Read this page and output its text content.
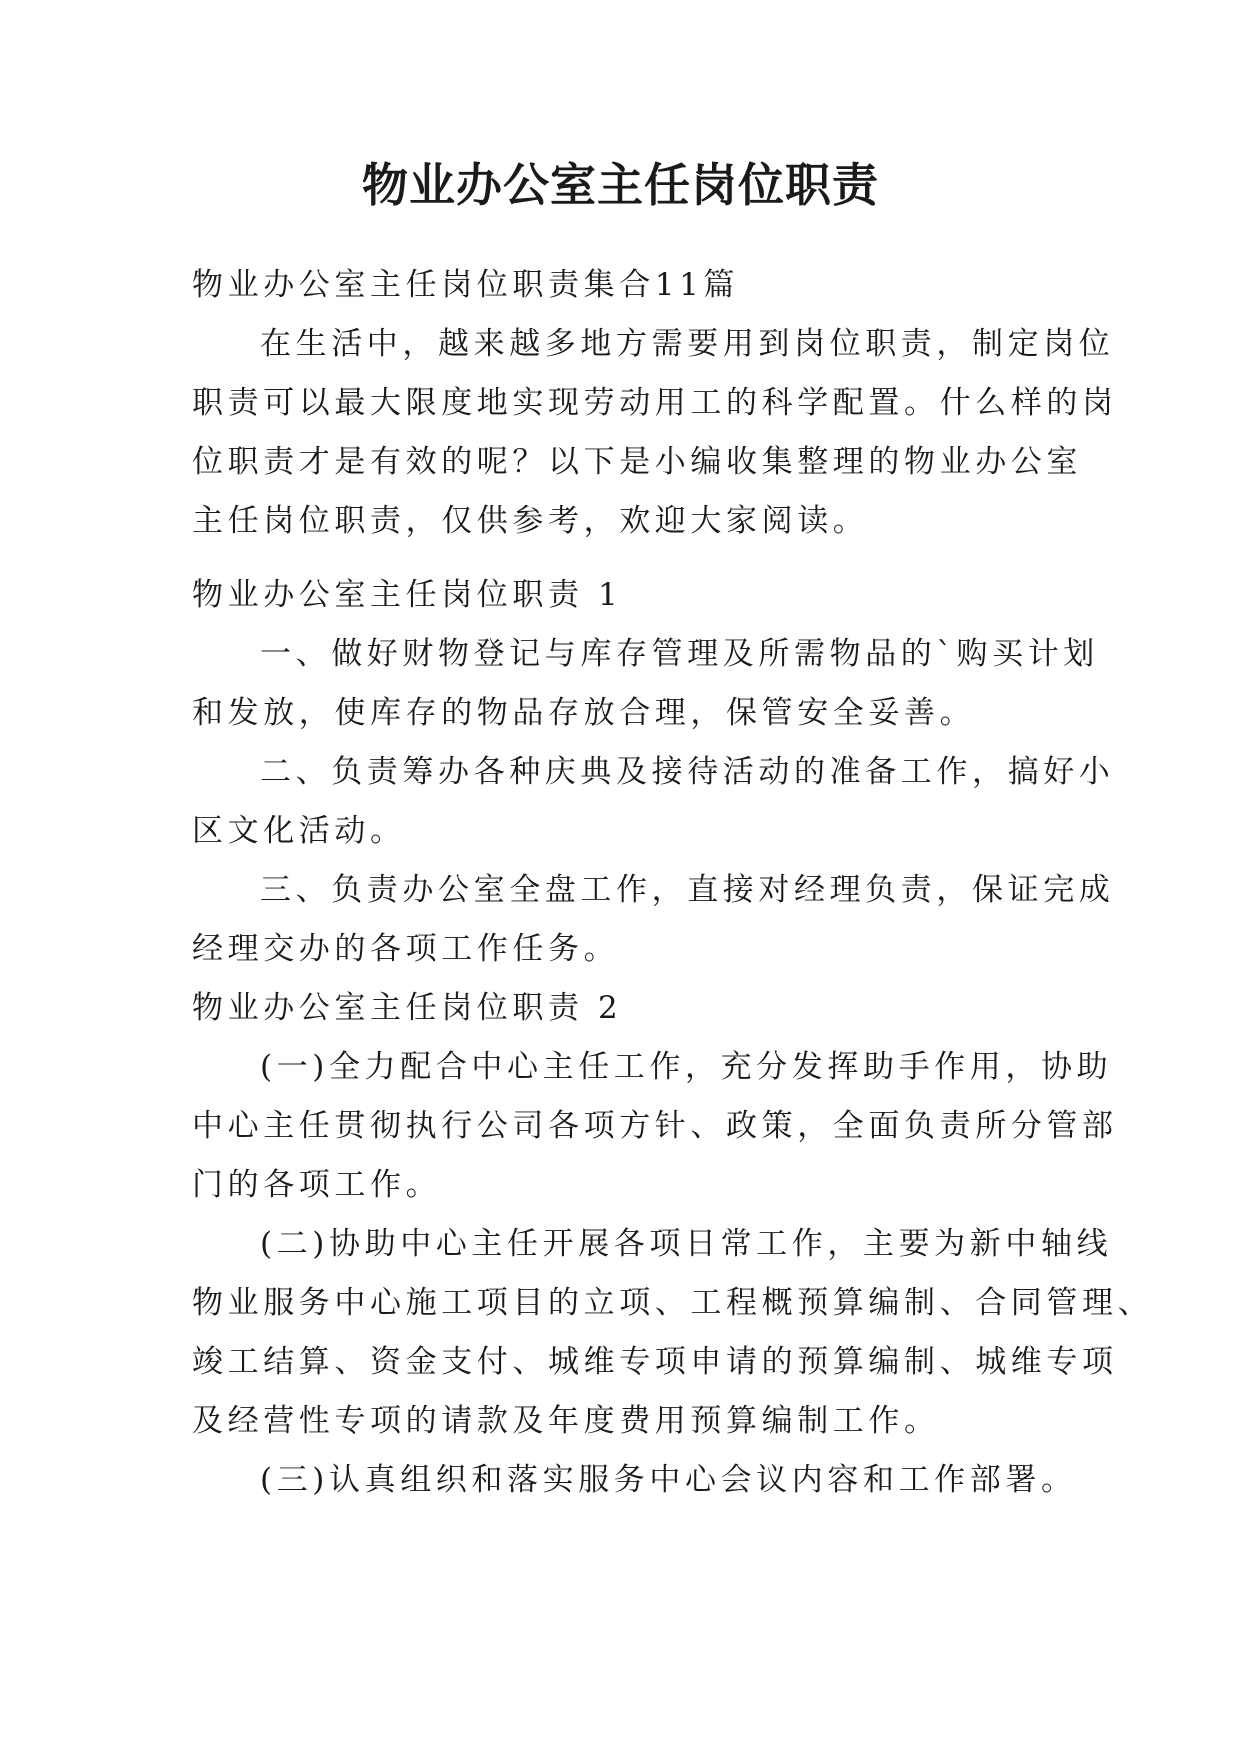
物业办公室主任岗位职责

物业办公室主任岗位职责集合11篇

在生活中，越来越多地方需要用到岗位职责，制定岗位

职责可以最大限度地实现劳动用工的科学配置。什么样的岗

位职责才是有效的呢？以下是小编收集整理的物业办公室

主任岗位职责，仅供参考，欢迎大家阅读。

物业办公室主任岗位职责 1

一、做好财物登记与库存管理及所需物品的`购买计划

和发放，使库存的物品存放合理，保管安全妥善。

二、负责筹办各种庆典及接待活动的准备工作，搞好小

区文化活动。

三、负责办公室全盘工作，直接对经理负责，保证完成

经理交办的各项工作任务。

物业办公室主任岗位职责 2

(一)全力配合中心主任工作，充分发挥助手作用，协助

中心主任贯彻执行公司各项方针、政策，全面负责所分管部

门的各项工作。

(二)协助中心主任开展各项日常工作，主要为新中轴线

物业服务中心施工项目的立项、工程概预算编制、合同管理、

竣工结算、资金支付、城维专项申请的预算编制、城维专项

及经营性专项的请款及年度费用预算编制工作。

(三)认真组织和落实服务中心会议内容和工作部署。
